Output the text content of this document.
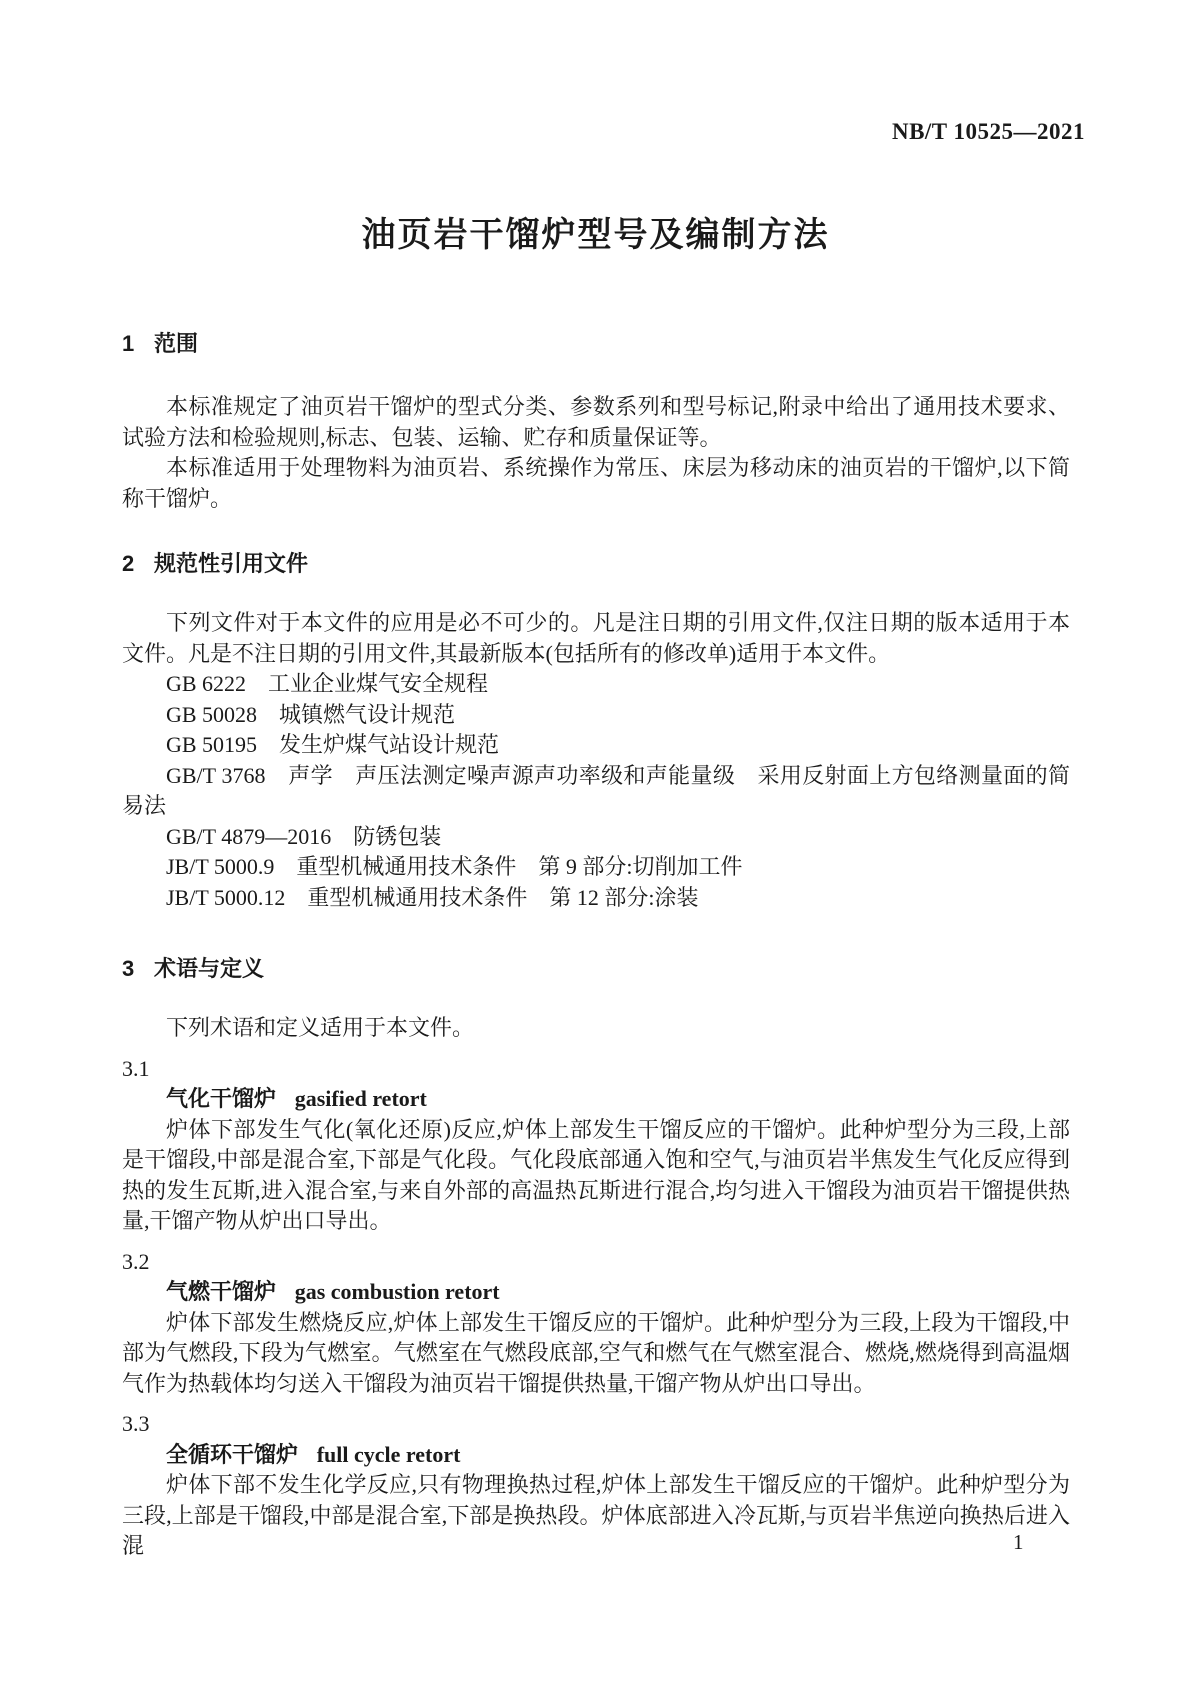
NB/T 10525—2021
油页岩干馏炉型号及编制方法
1 范围

本标准规定了油页岩干馏炉的型式分类、参数系列和型号标记,附录中给出了通用技术要求、试验方法和检验规则,标志、包装、运输、贮存和质量保证等。

本标准适用于处理物料为油页岩、系统操作为常压、床层为移动床的油页岩的干馏炉,以下简称干馏炉。

2 规范性引用文件

下列文件对于本文件的应用是必不可少的。凡是注日期的引用文件,仅注日期的版本适用于本文件。凡是不注日期的引用文件,其最新版本(包括所有的修改单)适用于本文件。

GB 6222　工业企业煤气安全规程

GB 50028　城镇燃气设计规范

GB 50195　发生炉煤气站设计规范

GB/T 3768　声学　声压法测定噪声源声功率级和声能量级　采用反射面上方包络测量面的简易法

GB/T 4879—2016　防锈包装

JB/T 5000.9　重型机械通用技术条件　第 9 部分:切削加工件

JB/T 5000.12　重型机械通用技术条件　第 12 部分:涂装

3 术语与定义

下列术语和定义适用于本文件。

3.1
气化干馏炉 gasified retort

炉体下部发生气化(氧化还原)反应,炉体上部发生干馏反应的干馏炉。此种炉型分为三段,上部是干馏段,中部是混合室,下部是气化段。气化段底部通入饱和空气,与油页岩半焦发生气化反应得到热的发生瓦斯,进入混合室,与来自外部的高温热瓦斯进行混合,均匀进入干馏段为油页岩干馏提供热量,干馏产物从炉出口导出。

3.2
气燃干馏炉 gas combustion retort

炉体下部发生燃烧反应,炉体上部发生干馏反应的干馏炉。此种炉型分为三段,上段为干馏段,中部为气燃段,下段为气燃室。气燃室在气燃段底部,空气和燃气在气燃室混合、燃烧,燃烧得到高温烟气作为热载体均匀送入干馏段为油页岩干馏提供热量,干馏产物从炉出口导出。

3.3
全循环干馏炉 full cycle retort

炉体下部不发生化学反应,只有物理换热过程,炉体上部发生干馏反应的干馏炉。此种炉型分为三段,上部是干馏段,中部是混合室,下部是换热段。炉体底部进入冷瓦斯,与页岩半焦逆向换热后进入混	1
